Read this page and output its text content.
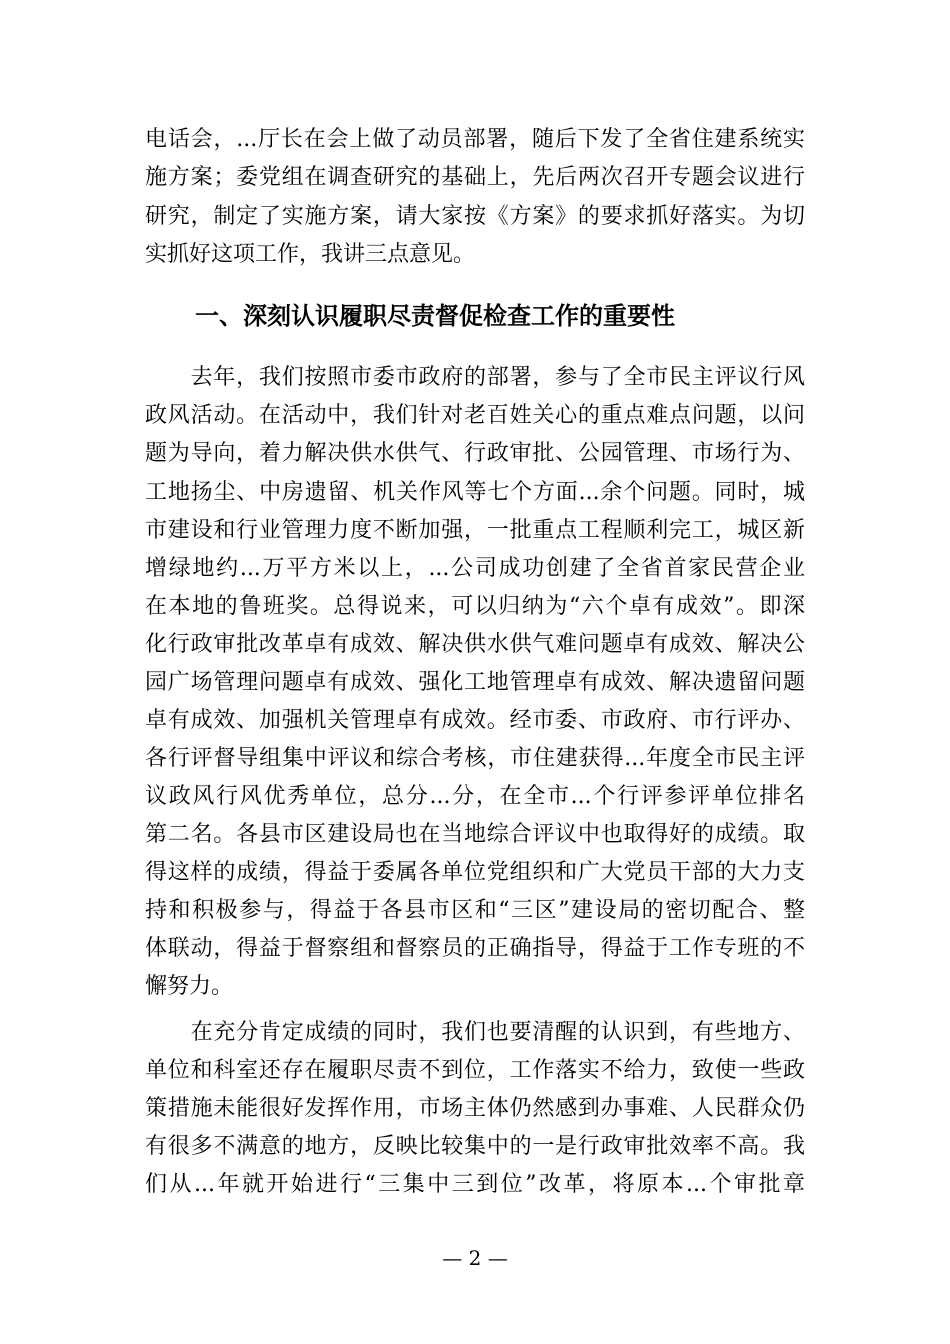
电话会，...厅长在会上做了动员部署，随后下发了全省住建系统实
施方案；委党组在调查研究的基础上，先后两次召开专题会议进行
研究，制定了实施方案，请大家按《方案》的要求抓好落实。为切
实抓好这项工作，我讲三点意见。
一、深刻认识履职尽责督促检查工作的重要性
　　去年，我们按照市委市政府的部署，参与了全市民主评议行风
政风活动。在活动中，我们针对老百姓关心的重点难点问题，以问
题为导向，着力解决供水供气、行政审批、公园管理、市场行为、
工地扬尘、中房遗留、机关作风等七个方面...余个问题。同时，城
市建设和行业管理力度不断加强，一批重点工程顺利完工，城区新
增绿地约...万平方米以上，...公司成功创建了全省首家民营企业
在本地的鲁班奖。总得说来，可以归纳为“六个卓有成效”。即深
化行政审批改革卓有成效、解决供水供气难问题卓有成效、解决公
园广场管理问题卓有成效、强化工地管理卓有成效、解决遗留问题
卓有成效、加强机关管理卓有成效。经市委、市政府、市行评办、
各行评督导组集中评议和综合考核，市住建获得...年度全市民主评
议政风行风优秀单位，总分...分，在全市...个行评参评单位排名
第二名。各县市区建设局也在当地综合评议中也取得好的成绩。取
得这样的成绩，得益于委属各单位党组织和广大党员干部的大力支
持和积极参与，得益于各县市区和“三区”建设局的密切配合、整
体联动，得益于督察组和督察员的正确指导，得益于工作专班的不
懈努力。
　　在充分肯定成绩的同时，我们也要清醒的认识到，有些地方、
单位和科室还存在履职尽责不到位，工作落实不给力，致使一些政
策措施未能很好发挥作用，市场主体仍然感到办事难、人民群众仍
有很多不满意的地方，反映比较集中的一是行政审批效率不高。我
们从...年就开始进行“三集中三到位”改革，将原本...个审批章
— 2 —
